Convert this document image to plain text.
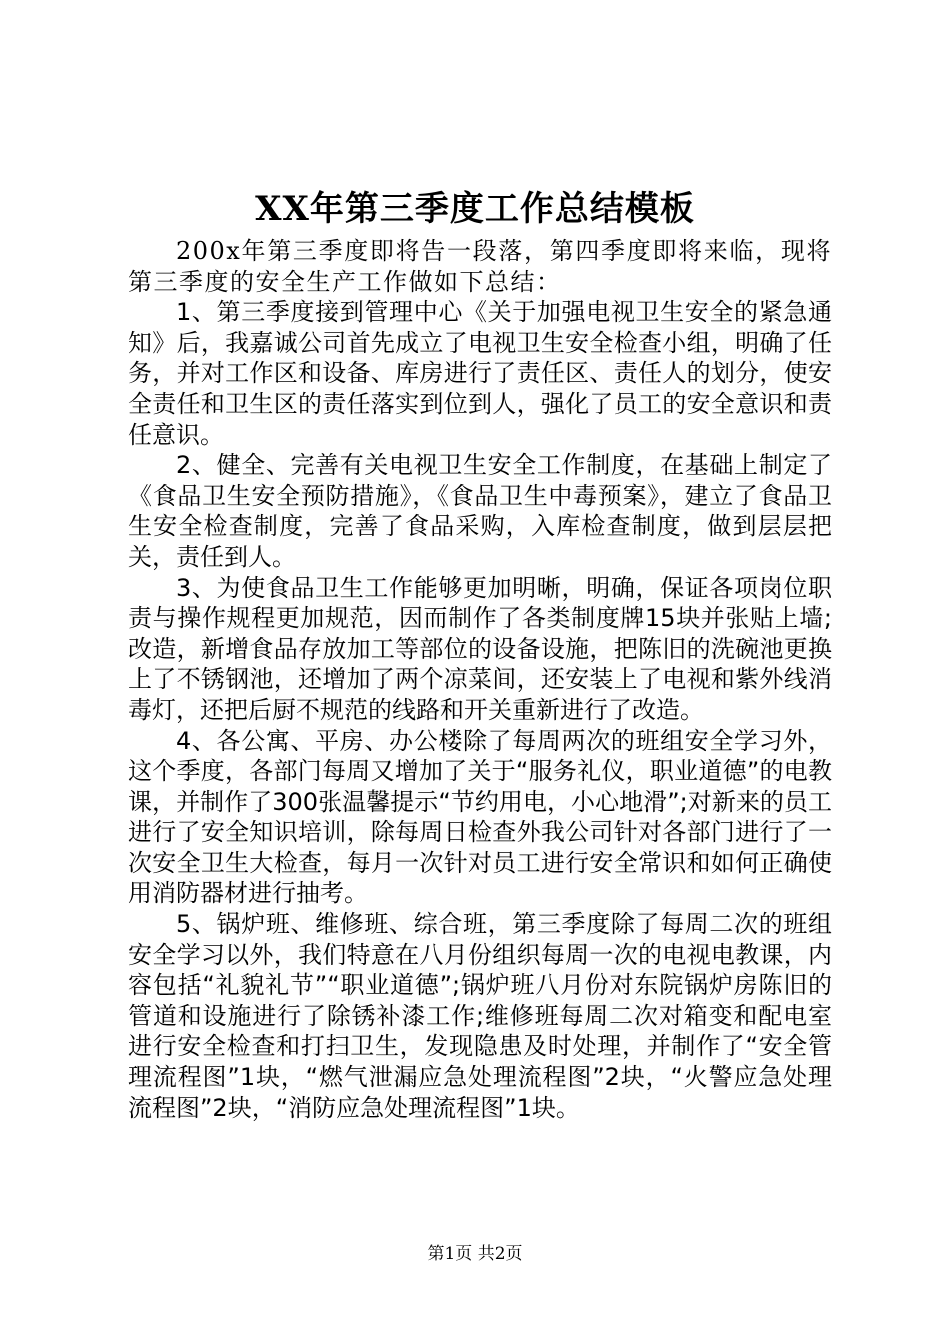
XX年第三季度工作总结模板

200x年第三季度即将告一段落，第四季度即将来临，现将第三季度的安全生产工作做如下总结：

1、第三季度接到管理中心《关于加强电视卫生安全的紧急通知》后，我嘉诚公司首先成立了电视卫生安全检查小组，明确了任务，并对工作区和设备、库房进行了责任区、责任人的划分，使安全责任和卫生区的责任落实到位到人，强化了员工的安全意识和责任意识。

2、健全、完善有关电视卫生安全工作制度，在基础上制定了《食品卫生安全预防措施》，《食品卫生中毒预案》，建立了食品卫生安全检查制度，完善了食品采购，入库检查制度，做到层层把关，责任到人。

3、为使食品卫生工作能够更加明晰，明确，保证各项岗位职责与操作规程更加规范，因而制作了各类制度牌15块并张贴上墙;改造，新增食品存放加工等部位的设备设施，把陈旧的洗碗池更换上了不锈钢池，还增加了两个凉菜间，还安装上了电视和紫外线消毒灯，还把后厨不规范的线路和开关重新进行了改造。

4、各公寓、平房、办公楼除了每周两次的班组安全学习外，这个季度，各部门每周又增加了关于“服务礼仪，职业道德”的电教课，并制作了300张温馨提示“节约用电，小心地滑”;对新来的员工进行了安全知识培训，除每周日检查外我公司针对各部门进行了一次安全卫生大检查，每月一次针对员工进行安全常识和如何正确使用消防器材进行抽考。

5、锅炉班、维修班、综合班，第三季度除了每周二次的班组安全学习以外，我们特意在八月份组织每周一次的电视电教课，内容包括“礼貌礼节”“职业道德”;锅炉班八月份对东院锅炉房陈旧的管道和设施进行了除锈补漆工作;维修班每周二次对箱变和配电室进行安全检查和打扫卫生，发现隐患及时处理，并制作了“安全管理流程图”1块，“燃气泄漏应急处理流程图”2块，“火警应急处理流程图”2块，“消防应急处理流程图”1块。

第1页 共2页
